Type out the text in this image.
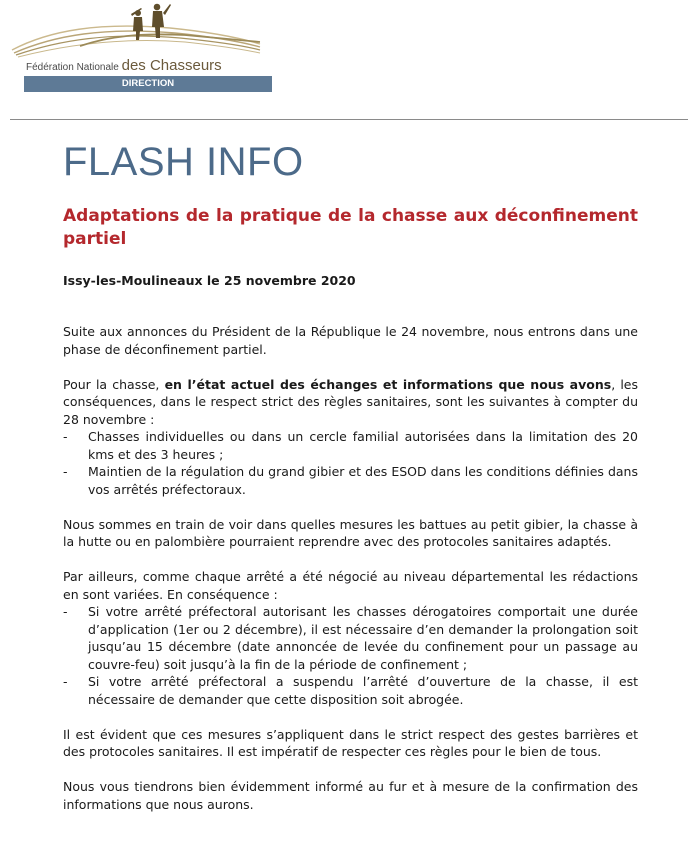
Fédération Nationale des Chasseurs
DIRECTION
FLASH INFO
Adaptations de la pratique de la chasse aux déconfinement partiel
Issy-les-Moulineaux le 25 novembre 2020

Suite aux annonces du Président de la République le 24 novembre, nous entrons dans une phase de déconfinement partiel.

Pour la chasse, en l’état actuel des échanges et informations que nous avons, les conséquences, dans le respect strict des règles sanitaires, sont les suivantes à compter du 28 novembre :

- Chasses individuelles ou dans un cercle familial autorisées dans la limitation des 20 kms et des 3 heures ;
- Maintien de la régulation du grand gibier et des ESOD dans les conditions définies dans vos arrêtés préfectoraux.

Nous sommes en train de voir dans quelles mesures les battues au petit gibier, la chasse à la hutte ou en palombière pourraient reprendre avec des protocoles sanitaires adaptés.

Par ailleurs, comme chaque arrêté a été négocié au niveau départemental les rédactions en sont variées. En conséquence :

- Si votre arrêté préfectoral autorisant les chasses dérogatoires comportait une durée d’application (1er ou 2 décembre), il est nécessaire d’en demander la prolongation soit jusqu’au 15 décembre (date annoncée de levée du confinement pour un passage au couvre-feu) soit jusqu’à la fin de la période de confinement ;
- Si votre arrêté préfectoral a suspendu l’arrêté d’ouverture de la chasse, il est nécessaire de demander que cette disposition soit abrogée.

Il est évident que ces mesures s’appliquent dans le strict respect des gestes barrières et des protocoles sanitaires. Il est impératif de respecter ces règles pour le bien de tous.

Nous vous tiendrons bien évidemment informé au fur et à mesure de la confirmation des informations que nous aurons.
